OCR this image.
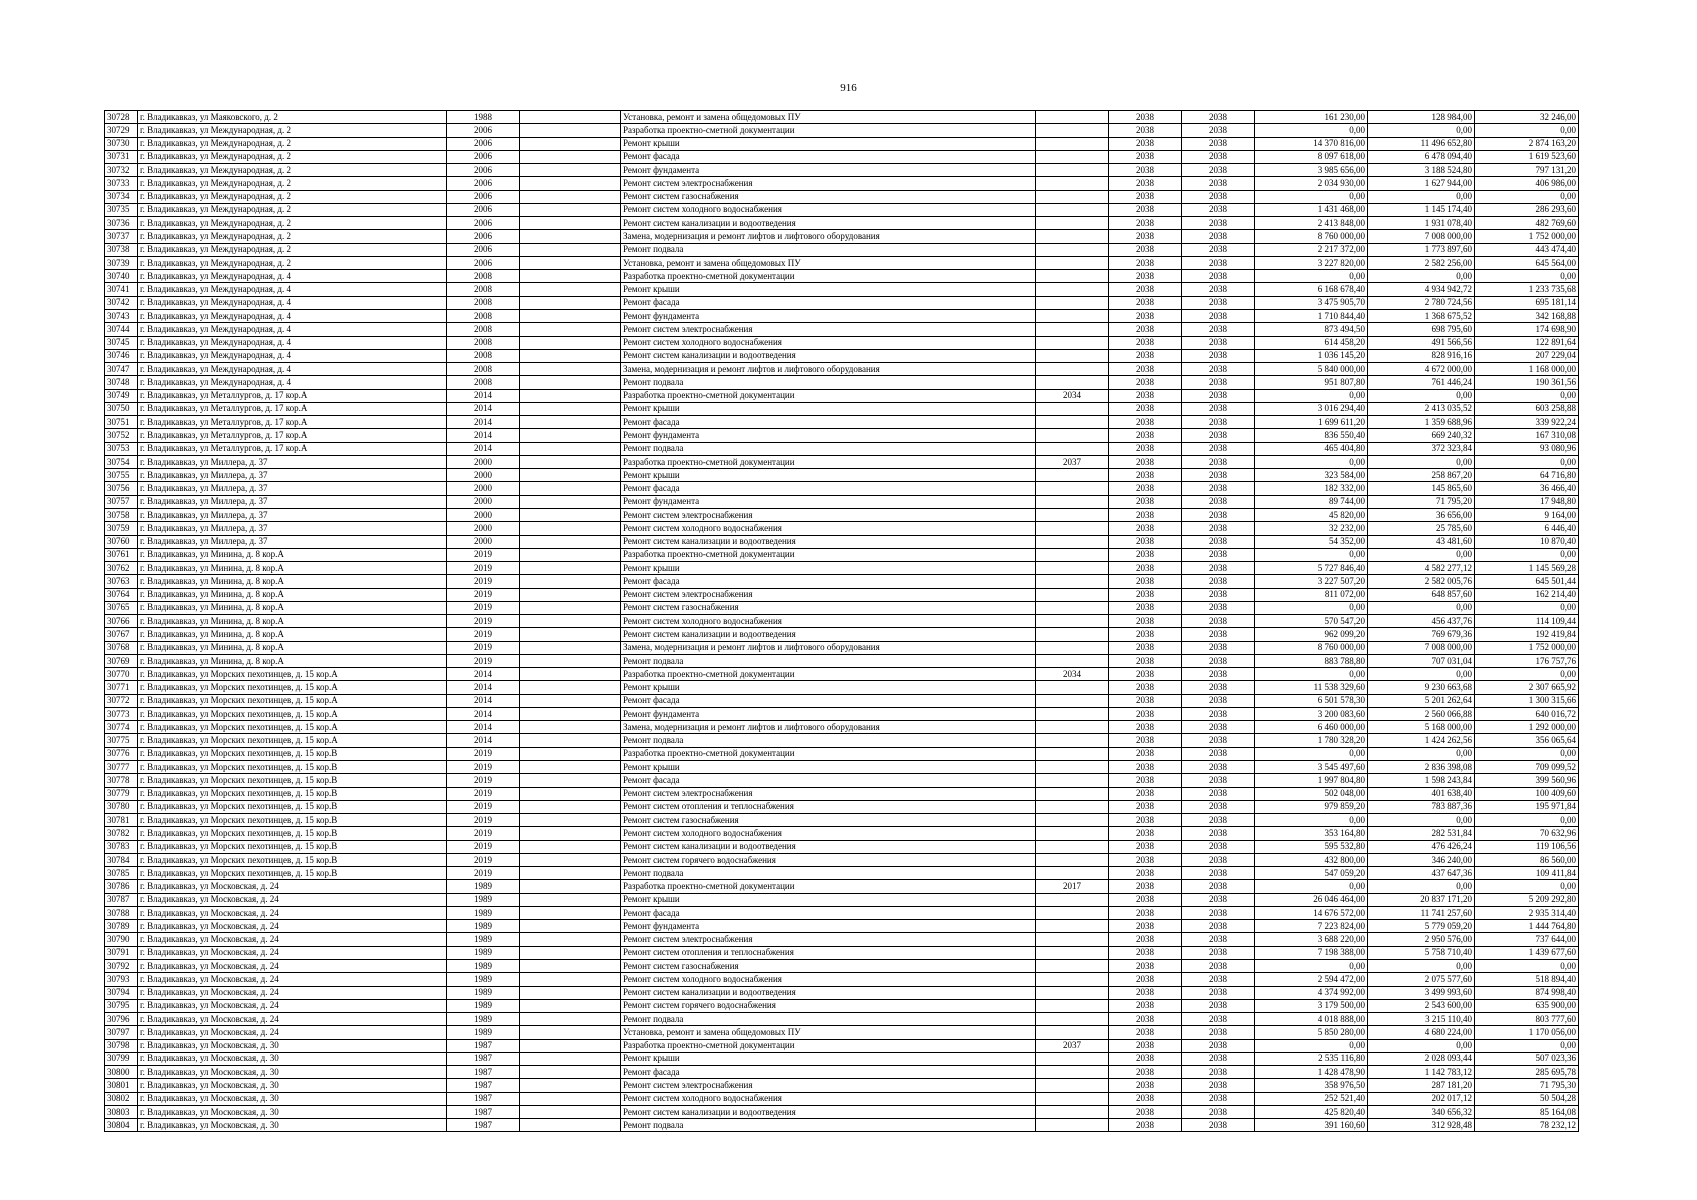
916
30728	г. Владикавказ, ул Маяковского, д. 2	1988		Установка, ремонт и замена общедомовых ПУ		2038	2038	161 230,00	128 984,00	32 246,00
30729	г. Владикавказ, ул Международная, д. 2	2006		Разработка проектно-сметной документации		2038	2038	0,00	0,00	0,00
30730	г. Владикавказ, ул Международная, д. 2	2006		Ремонт крыши		2038	2038	14 370 816,00	11 496 652,80	2 874 163,20
30731	г. Владикавказ, ул Международная, д. 2	2006		Ремонт фасада		2038	2038	8 097 618,00	6 478 094,40	1 619 523,60
30732	г. Владикавказ, ул Международная, д. 2	2006		Ремонт фундамента		2038	2038	3 985 656,00	3 188 524,80	797 131,20
30733	г. Владикавказ, ул Международная, д. 2	2006		Ремонт систем электроснабжения		2038	2038	2 034 930,00	1 627 944,00	406 986,00
30734	г. Владикавказ, ул Международная, д. 2	2006		Ремонт систем газоснабжения		2038	2038	0,00	0,00	0,00
30735	г. Владикавказ, ул Международная, д. 2	2006		Ремонт систем холодного водоснабжения		2038	2038	1 431 468,00	1 145 174,40	286 293,60
30736	г. Владикавказ, ул Международная, д. 2	2006		Ремонт систем канализации и водоотведения		2038	2038	2 413 848,00	1 931 078,40	482 769,60
30737	г. Владикавказ, ул Международная, д. 2	2006		Замена, модернизация и ремонт лифтов и лифтового оборудования		2038	2038	8 760 000,00	7 008 000,00	1 752 000,00
30738	г. Владикавказ, ул Международная, д. 2	2006		Ремонт подвала		2038	2038	2 217 372,00	1 773 897,60	443 474,40
30739	г. Владикавказ, ул Международная, д. 2	2006		Установка, ремонт и замена общедомовых ПУ		2038	2038	3 227 820,00	2 582 256,00	645 564,00
30740	г. Владикавказ, ул Международная, д. 4	2008		Разработка проектно-сметной документации		2038	2038	0,00	0,00	0,00
30741	г. Владикавказ, ул Международная, д. 4	2008		Ремонт крыши		2038	2038	6 168 678,40	4 934 942,72	1 233 735,68
30742	г. Владикавказ, ул Международная, д. 4	2008		Ремонт фасада		2038	2038	3 475 905,70	2 780 724,56	695 181,14
30743	г. Владикавказ, ул Международная, д. 4	2008		Ремонт фундамента		2038	2038	1 710 844,40	1 368 675,52	342 168,88
30744	г. Владикавказ, ул Международная, д. 4	2008		Ремонт систем электроснабжения		2038	2038	873 494,50	698 795,60	174 698,90
30745	г. Владикавказ, ул Международная, д. 4	2008		Ремонт систем холодного водоснабжения		2038	2038	614 458,20	491 566,56	122 891,64
30746	г. Владикавказ, ул Международная, д. 4	2008		Ремонт систем канализации и водоотведения		2038	2038	1 036 145,20	828 916,16	207 229,04
30747	г. Владикавказ, ул Международная, д. 4	2008		Замена, модернизация и ремонт лифтов и лифтового оборудования		2038	2038	5 840 000,00	4 672 000,00	1 168 000,00
30748	г. Владикавказ, ул Международная, д. 4	2008		Ремонт подвала		2038	2038	951 807,80	761 446,24	190 361,56
30749	г. Владикавказ, ул Металлургов, д. 17 кор.А	2014		Разработка проектно-сметной документации	2034	2038	2038	0,00	0,00	0,00
30750	г. Владикавказ, ул Металлургов, д. 17 кор.А	2014		Ремонт крыши		2038	2038	3 016 294,40	2 413 035,52	603 258,88
30751	г. Владикавказ, ул Металлургов, д. 17 кор.А	2014		Ремонт фасада		2038	2038	1 699 611,20	1 359 688,96	339 922,24
30752	г. Владикавказ, ул Металлургов, д. 17 кор.А	2014		Ремонт фундамента		2038	2038	836 550,40	669 240,32	167 310,08
30753	г. Владикавказ, ул Металлургов, д. 17 кор.А	2014		Ремонт подвала		2038	2038	465 404,80	372 323,84	93 080,96
30754	г. Владикавказ, ул Миллера, д. 37	2000		Разработка проектно-сметной документации	2037	2038	2038	0,00	0,00	0,00
30755	г. Владикавказ, ул Миллера, д. 37	2000		Ремонт крыши		2038	2038	323 584,00	258 867,20	64 716,80
30756	г. Владикавказ, ул Миллера, д. 37	2000		Ремонт фасада		2038	2038	182 332,00	145 865,60	36 466,40
30757	г. Владикавказ, ул Миллера, д. 37	2000		Ремонт фундамента		2038	2038	89 744,00	71 795,20	17 948,80
30758	г. Владикавказ, ул Миллера, д. 37	2000		Ремонт систем электроснабжения		2038	2038	45 820,00	36 656,00	9 164,00
30759	г. Владикавказ, ул Миллера, д. 37	2000		Ремонт систем холодного водоснабжения		2038	2038	32 232,00	25 785,60	6 446,40
30760	г. Владикавказ, ул Миллера, д. 37	2000		Ремонт систем канализации и водоотведения		2038	2038	54 352,00	43 481,60	10 870,40
30761	г. Владикавказ, ул Минина, д. 8 кор.А	2019		Разработка проектно-сметной документации		2038	2038	0,00	0,00	0,00
30762	г. Владикавказ, ул Минина, д. 8 кор.А	2019		Ремонт крыши		2038	2038	5 727 846,40	4 582 277,12	1 145 569,28
30763	г. Владикавказ, ул Минина, д. 8 кор.А	2019		Ремонт фасада		2038	2038	3 227 507,20	2 582 005,76	645 501,44
30764	г. Владикавказ, ул Минина, д. 8 кор.А	2019		Ремонт систем электроснабжения		2038	2038	811 072,00	648 857,60	162 214,40
30765	г. Владикавказ, ул Минина, д. 8 кор.А	2019		Ремонт систем газоснабжения		2038	2038	0,00	0,00	0,00
30766	г. Владикавказ, ул Минина, д. 8 кор.А	2019		Ремонт систем холодного водоснабжения		2038	2038	570 547,20	456 437,76	114 109,44
30767	г. Владикавказ, ул Минина, д. 8 кор.А	2019		Ремонт систем канализации и водоотведения		2038	2038	962 099,20	769 679,36	192 419,84
30768	г. Владикавказ, ул Минина, д. 8 кор.А	2019		Замена, модернизация и ремонт лифтов и лифтового оборудования		2038	2038	8 760 000,00	7 008 000,00	1 752 000,00
30769	г. Владикавказ, ул Минина, д. 8 кор.А	2019		Ремонт подвала		2038	2038	883 788,80	707 031,04	176 757,76
30770	г. Владикавказ, ул Морских пехотинцев, д. 15 кор.А	2014		Разработка проектно-сметной документации	2034	2038	2038	0,00	0,00	0,00
30771	г. Владикавказ, ул Морских пехотинцев, д. 15 кор.А	2014		Ремонт крыши		2038	2038	11 538 329,60	9 230 663,68	2 307 665,92
30772	г. Владикавказ, ул Морских пехотинцев, д. 15 кор.А	2014		Ремонт фасада		2038	2038	6 501 578,30	5 201 262,64	1 300 315,66
30773	г. Владикавказ, ул Морских пехотинцев, д. 15 кор.А	2014		Ремонт фундамента		2038	2038	3 200 083,60	2 560 066,88	640 016,72
30774	г. Владикавказ, ул Морских пехотинцев, д. 15 кор.А	2014		Замена, модернизация и ремонт лифтов и лифтового оборудования		2038	2038	6 460 000,00	5 168 000,00	1 292 000,00
30775	г. Владикавказ, ул Морских пехотинцев, д. 15 кор.А	2014		Ремонт подвала		2038	2038	1 780 328,20	1 424 262,56	356 065,64
30776	г. Владикавказ, ул Морских пехотинцев, д. 15 кор.В	2019		Разработка проектно-сметной документации		2038	2038	0,00	0,00	0,00
30777	г. Владикавказ, ул Морских пехотинцев, д. 15 кор.В	2019		Ремонт крыши		2038	2038	3 545 497,60	2 836 398,08	709 099,52
30778	г. Владикавказ, ул Морских пехотинцев, д. 15 кор.В	2019		Ремонт фасада		2038	2038	1 997 804,80	1 598 243,84	399 560,96
30779	г. Владикавказ, ул Морских пехотинцев, д. 15 кор.В	2019		Ремонт систем электроснабжения		2038	2038	502 048,00	401 638,40	100 409,60
30780	г. Владикавказ, ул Морских пехотинцев, д. 15 кор.В	2019		Ремонт систем отопления и теплоснабжения		2038	2038	979 859,20	783 887,36	195 971,84
30781	г. Владикавказ, ул Морских пехотинцев, д. 15 кор.В	2019		Ремонт систем газоснабжения		2038	2038	0,00	0,00	0,00
30782	г. Владикавказ, ул Морских пехотинцев, д. 15 кор.В	2019		Ремонт систем холодного водоснабжения		2038	2038	353 164,80	282 531,84	70 632,96
30783	г. Владикавказ, ул Морских пехотинцев, д. 15 кор.В	2019		Ремонт систем канализации и водоотведения		2038	2038	595 532,80	476 426,24	119 106,56
30784	г. Владикавказ, ул Морских пехотинцев, д. 15 кор.В	2019		Ремонт систем горячего водоснабжения		2038	2038	432 800,00	346 240,00	86 560,00
30785	г. Владикавказ, ул Морских пехотинцев, д. 15 кор.В	2019		Ремонт подвала		2038	2038	547 059,20	437 647,36	109 411,84
30786	г. Владикавказ, ул Московская, д. 24	1989		Разработка проектно-сметной документации	2017	2038	2038	0,00	0,00	0,00
30787	г. Владикавказ, ул Московская, д. 24	1989		Ремонт крыши		2038	2038	26 046 464,00	20 837 171,20	5 209 292,80
30788	г. Владикавказ, ул Московская, д. 24	1989		Ремонт фасада		2038	2038	14 676 572,00	11 741 257,60	2 935 314,40
30789	г. Владикавказ, ул Московская, д. 24	1989		Ремонт фундамента		2038	2038	7 223 824,00	5 779 059,20	1 444 764,80
30790	г. Владикавказ, ул Московская, д. 24	1989		Ремонт систем электроснабжения		2038	2038	3 688 220,00	2 950 576,00	737 644,00
30791	г. Владикавказ, ул Московская, д. 24	1989		Ремонт систем отопления и теплоснабжения		2038	2038	7 198 388,00	5 758 710,40	1 439 677,60
30792	г. Владикавказ, ул Московская, д. 24	1989		Ремонт систем газоснабжения		2038	2038	0,00	0,00	0,00
30793	г. Владикавказ, ул Московская, д. 24	1989		Ремонт систем холодного водоснабжения		2038	2038	2 594 472,00	2 075 577,60	518 894,40
30794	г. Владикавказ, ул Московская, д. 24	1989		Ремонт систем канализации и водоотведения		2038	2038	4 374 992,00	3 499 993,60	874 998,40
30795	г. Владикавказ, ул Московская, д. 24	1989		Ремонт систем горячего водоснабжения		2038	2038	3 179 500,00	2 543 600,00	635 900,00
30796	г. Владикавказ, ул Московская, д. 24	1989		Ремонт подвала		2038	2038	4 018 888,00	3 215 110,40	803 777,60
30797	г. Владикавказ, ул Московская, д. 24	1989		Установка, ремонт и замена общедомовых ПУ		2038	2038	5 850 280,00	4 680 224,00	1 170 056,00
30798	г. Владикавказ, ул Московская, д. 30	1987		Разработка проектно-сметной документации	2037	2038	2038	0,00	0,00	0,00
30799	г. Владикавказ, ул Московская, д. 30	1987		Ремонт крыши		2038	2038	2 535 116,80	2 028 093,44	507 023,36
30800	г. Владикавказ, ул Московская, д. 30	1987		Ремонт фасада		2038	2038	1 428 478,90	1 142 783,12	285 695,78
30801	г. Владикавказ, ул Московская, д. 30	1987		Ремонт систем электроснабжения		2038	2038	358 976,50	287 181,20	71 795,30
30802	г. Владикавказ, ул Московская, д. 30	1987		Ремонт систем холодного водоснабжения		2038	2038	252 521,40	202 017,12	50 504,28
30803	г. Владикавказ, ул Московская, д. 30	1987		Ремонт систем канализации и водоотведения		2038	2038	425 820,40	340 656,32	85 164,08
30804	г. Владикавказ, ул Московская, д. 30	1987		Ремонт подвала		2038	2038	391 160,60	312 928,48	78 232,12
